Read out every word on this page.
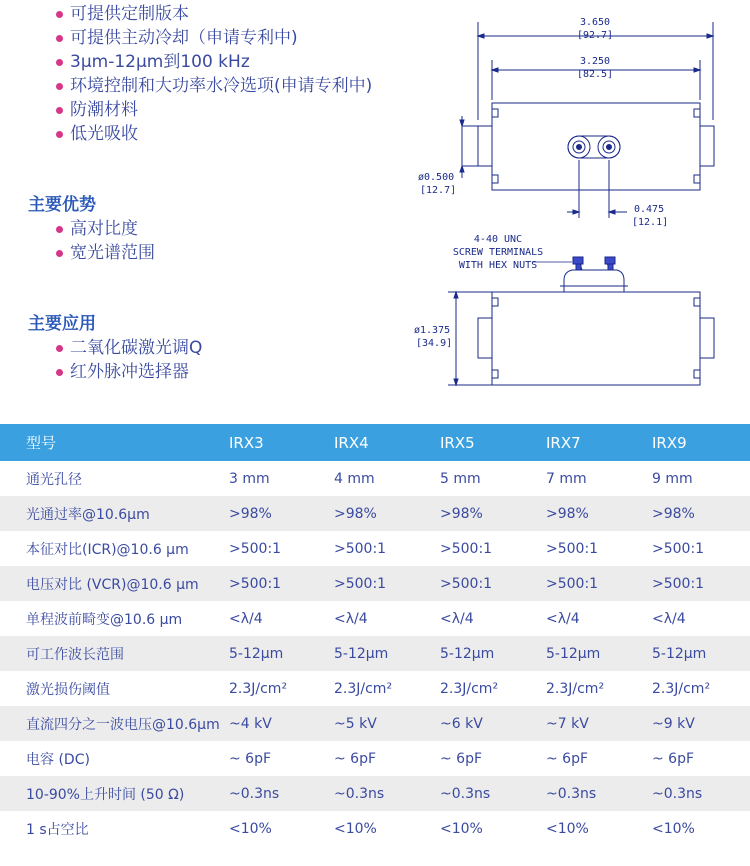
可提供定制版本
可提供主动冷却（申请专利中)
3µm-12µm到100 kHz
环境控制和大功率水冷选项(申请专利中)
防潮材料
低光吸收
主要优势
高对比度
宽光谱范围
主要应用
二氧化碳激光调Q
红外脉冲选择器
3.650
[92.7]
3.250
[82.5]
ø0.500
[12.7]
0.475
[12.1]
4-40 UNC
SCREW TERMINALS
WITH HEX NUTS
ø1.375
[34.9]
型号	IRX3	IRX4	IRX5	IRX7	IRX9
通光孔径	3 mm	4 mm	5 mm	7 mm	9 mm
光通过率@10.6µm	>98%	>98%	>98%	>98%	>98%
本征对比(ICR)@10.6 µm	>500:1	>500:1	>500:1	>500:1	>500:1
电压对比 (VCR)@10.6 µm	>500:1	>500:1	>500:1	>500:1	>500:1
单程波前畸变@10.6 µm	<λ/4	<λ/4	<λ/4	<λ/4	<λ/4
可工作波长范围	5-12µm	5-12µm	5-12µm	5-12µm	5-12µm
激光损伤阈值	2.3J/cm²	2.3J/cm²	2.3J/cm²	2.3J/cm²	2.3J/cm²
直流四分之一波电压@10.6µm	~4 kV	~5 kV	~6 kV	~7 kV	~9 kV
电容 (DC)	~ 6pF	~ 6pF	~ 6pF	~ 6pF	~ 6pF
10-90%上升时间 (50 Ω)	~0.3ns	~0.3ns	~0.3ns	~0.3ns	~0.3ns
1 s占空比	<10%	<10%	<10%	<10%	<10%
